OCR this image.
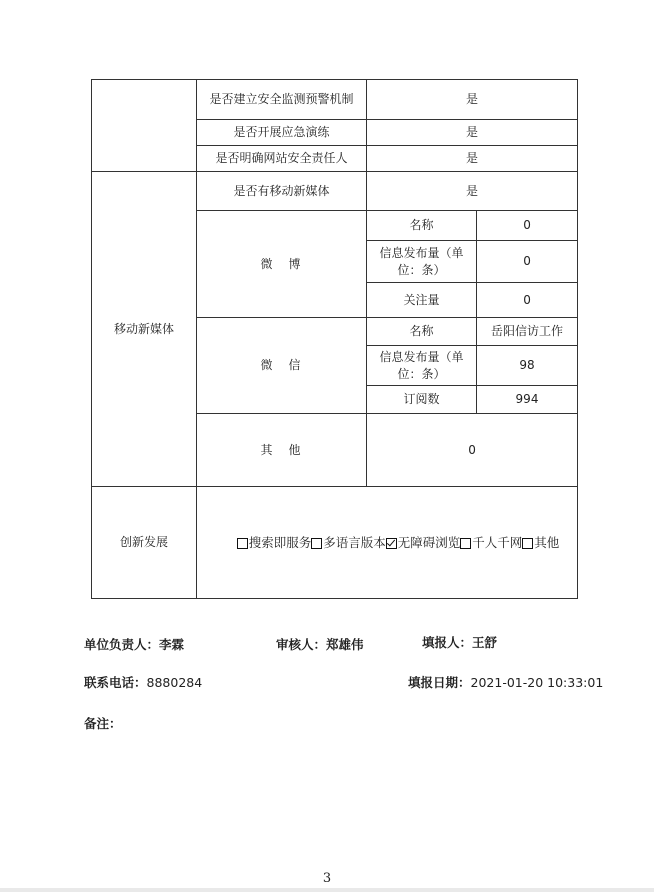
	是否建立安全监测预警机制	是	
	是否开展应急演练	是	
	是否明确网站安全责任人	是	
移动新媒体	是否有移动新媒体	是	
	微　博	名称	0
		信息发布量（单位：条）	0
		关注量	0
	微　信	名称	岳阳信访工作
		信息发布量（单位：条）	98
		订阅数	994
	其　他	0	
创新发展	搜索即服务 多语言版本 无障碍浏览 千人千网 其他		
单位负责人：李霖	审核人：郑雄伟	填报人：王舒
联系电话：8880284	填报日期：2021-01-20 10:33:01
备注：
3
